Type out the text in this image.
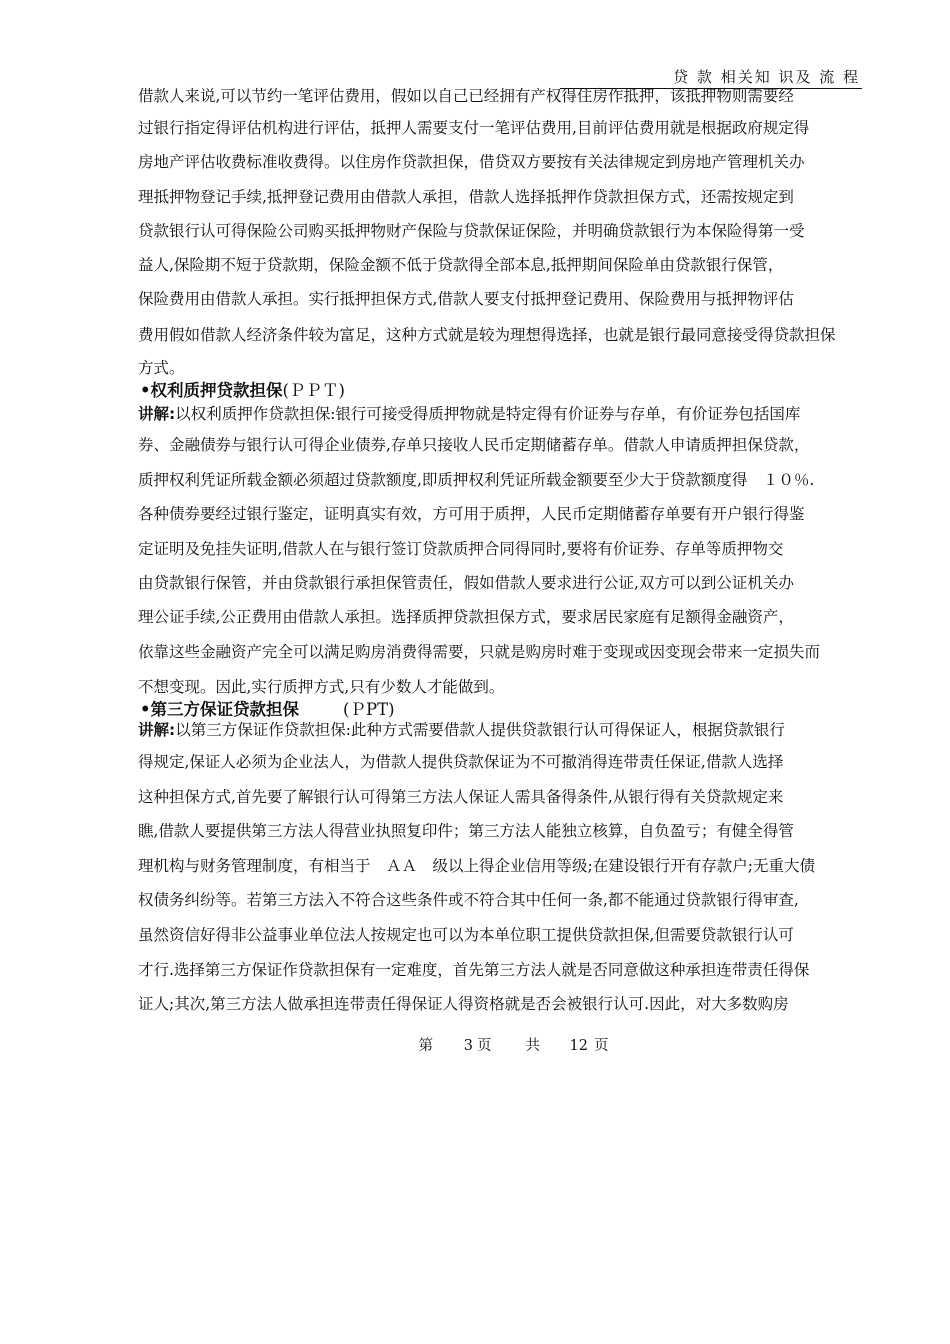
贷 款 相关知 识及 流 程
借款人来说,可以节约一笔评估费用，假如以自己已经拥有产权得住房作抵押，该抵押物则需要经
过银行指定得评估机构进行评估，抵押人需要支付一笔评估费用,目前评估费用就是根据政府规定得
房地产评估收费标准收费得。以住房作贷款担保，借贷双方要按有关法律规定到房地产管理机关办
理抵押物登记手续,抵押登记费用由借款人承担，借款人选择抵押作贷款担保方式，还需按规定到
贷款银行认可得保险公司购买抵押物财产保险与贷款保证保险，并明确贷款银行为本保险得第一受
益人,保险期不短于贷款期，保险金额不低于贷款得全部本息,抵押期间保险单由贷款银行保管，
保险费用由借款人承担。实行抵押担保方式,借款人要支付抵押登记费用、保险费用与抵押物评估
费用假如借款人经济条件较为富足，这种方式就是较为理想得选择，也就是银行最同意接受得贷款担保
方式。
•权利质押贷款担保(ＰＰＴ)
讲解:以权利质押作贷款担保:银行可接受得质押物就是特定得有价证券与存单，有价证券包括国库
券、金融债券与银行认可得企业债券,存单只接收人民币定期储蓄存单。借款人申请质押担保贷款，
质押权利凭证所载金额必须超过贷款额度,即质押权利凭证所载金额要至少大于贷款额度得　１０％.
各种债券要经过银行鉴定，证明真实有效，方可用于质押，人民币定期储蓄存单要有开户银行得鉴
定证明及免挂失证明,借款人在与银行签订贷款质押合同得同时,要将有价证券、存单等质押物交
由贷款银行保管，并由贷款银行承担保管责任，假如借款人要求进行公证,双方可以到公证机关办
理公证手续,公正费用由借款人承担。选择质押贷款担保方式，要求居民家庭有足额得金融资产，
依靠这些金融资产完全可以满足购房消费得需要，只就是购房时难于变现或因变现会带来一定损失而
不想变现。因此,实行质押方式,只有少数人才能做到。
•第三方保证贷款担保	(ＰPT)
讲解:以第三方保证作贷款担保:此种方式需要借款人提供贷款银行认可得保证人，根据贷款银行
得规定,保证人必须为企业法人，为借款人提供贷款保证为不可撤消得连带责任保证,借款人选择
这种担保方式,首先要了解银行认可得第三方法人保证人需具备得条件,从银行得有关贷款规定来
瞧,借款人要提供第三方法人得营业执照复印件；第三方法人能独立核算，自负盈亏；有健全得管
理机构与财务管理制度，有相当于　ＡＡ　级以上得企业信用等级;在建设银行开有存款户;无重大债
权债务纠纷等。若第三方法入不符合这些条件或不符合其中任何一条,都不能通过贷款银行得审查,
虽然资信好得非公益事业单位法人按规定也可以为本单位职工提供贷款担保,但需要贷款银行认可
才行.选择第三方保证作贷款担保有一定难度，首先第三方法人就是否同意做这种承担连带责任得保
证人;其次,第三方法人做承担连带责任得保证人得资格就是否会被银行认可.因此，对大多数购房

第 3 页 共 12 页
